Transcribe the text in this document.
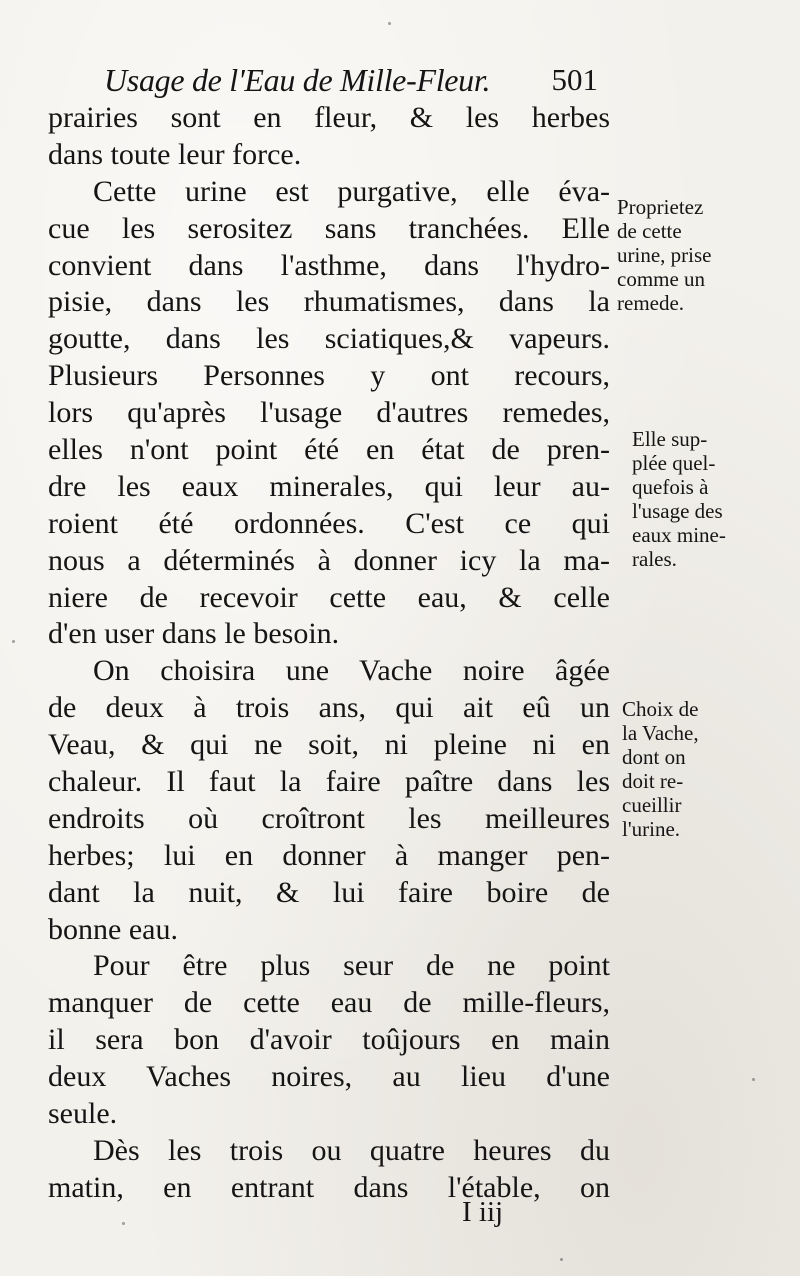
Usage de l'Eau de Mille-Fleur. 501
prairies sont en fleur, & les herbes
dans toute leur force.
Cette urine est purgative, elle éva-
cue les serositez sans tranchées. Elle
convient dans l'asthme, dans l'hydro-
pisie, dans les rhumatismes, dans la
goutte, dans les sciatiques,& vapeurs.
Plusieurs Personnes y ont recours,
lors qu'après l'usage d'autres remedes,
elles n'ont point été en état de pren-
dre les eaux minerales, qui leur au-
roient été ordonnées. C'est ce qui
nous a déterminés à donner icy la ma-
niere de recevoir cette eau, & celle
d'en user dans le besoin.
On choisira une Vache noire âgée
de deux à trois ans, qui ait eû un
Veau, & qui ne soit, ni pleine ni en
chaleur. Il faut la faire paître dans les
endroits où croîtront les meilleures
herbes; lui en donner à manger pen-
dant la nuit, & lui faire boire de
bonne eau.
Pour être plus seur de ne point
manquer de cette eau de mille-fleurs,
il sera bon d'avoir toûjours en main
deux Vaches noires, au lieu d'une
seule.
Dès les trois ou quatre heures du
matin, en entrant dans l'étable, on
Proprietez
de cette
urine, prise
comme un
remede.
Elle sup-
plée quel-
quefois à
l'usage des
eaux mine-
rales.
Choix de
la Vache,
dont on
doit re-
cueillir
l'urine.
I iij
